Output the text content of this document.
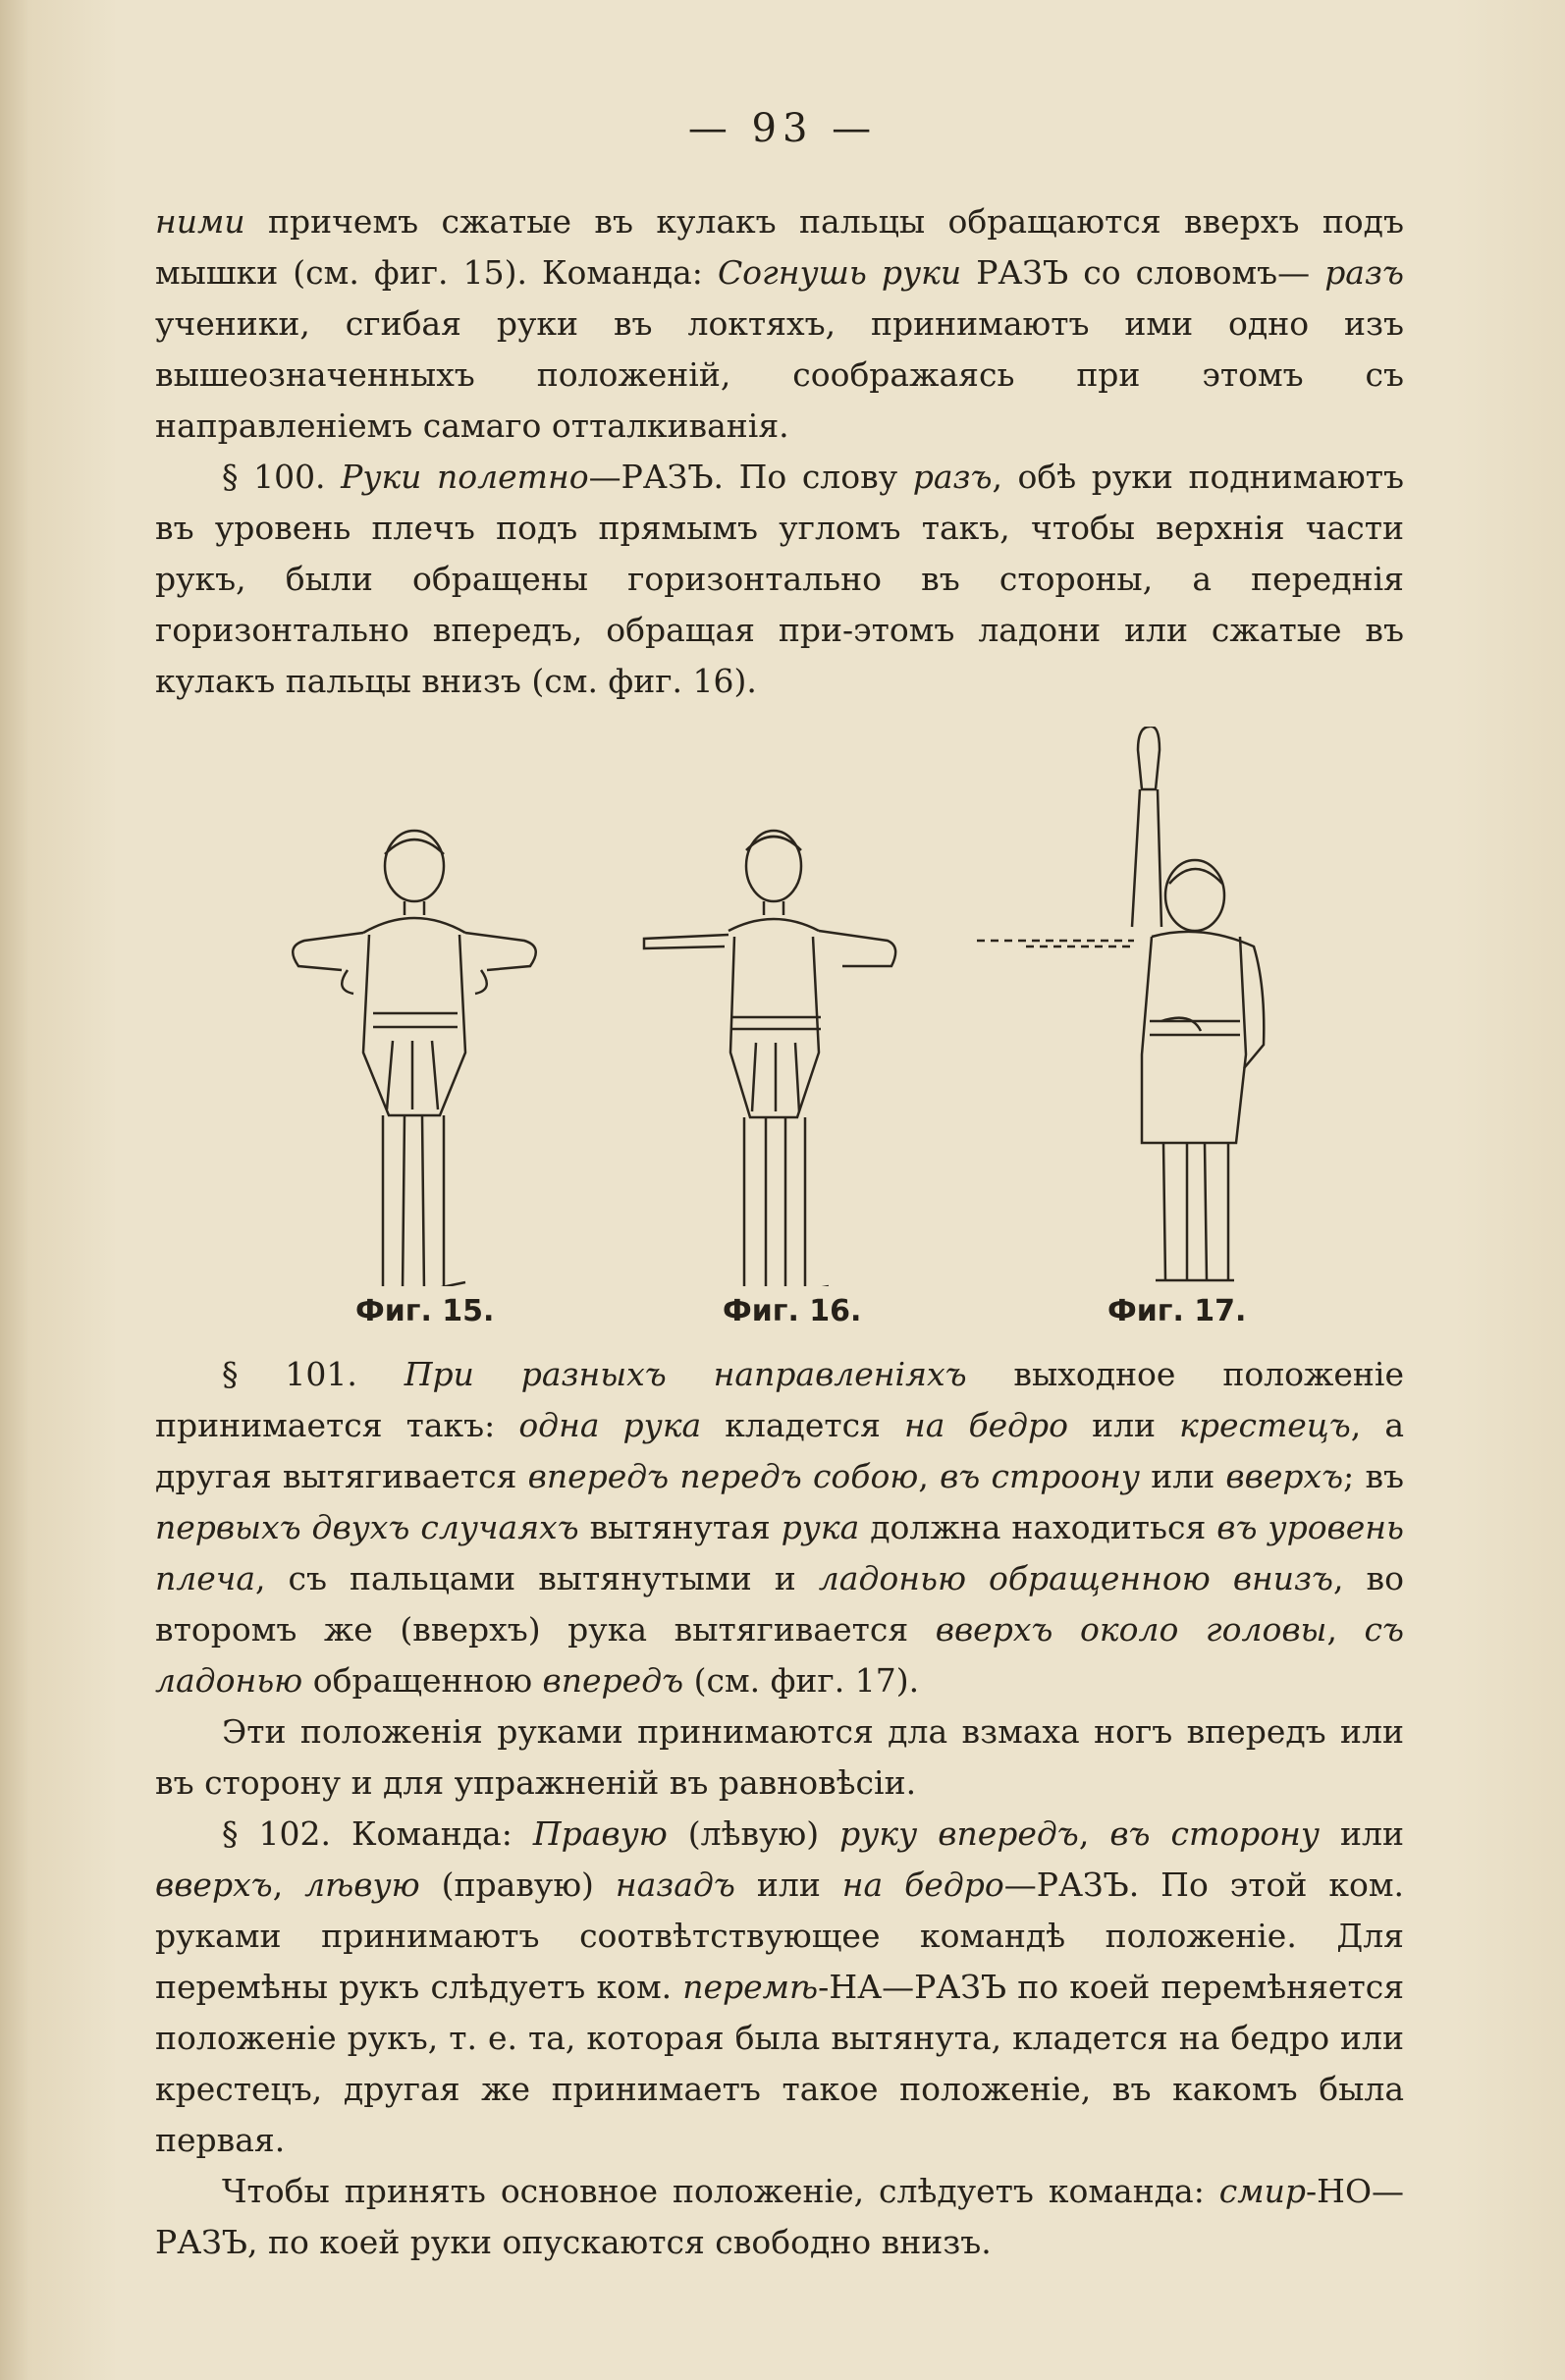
— 93 —

ними причемъ сжатые въ кулакъ пальцы обращаются вверхъ подъ мышки (см. фиг. 15). Команда: Согнушь руки РАЗЪ со словомъ— разъ ученики, сгибая руки въ локтяхъ, принимаютъ ими одно изъ вышеозначенныхъ положеній, соображаясь при этомъ съ направленіемъ самаго отталкиванія.

§ 100. Руки полетно—РАЗЪ. По слову разъ, обѣ руки поднимаютъ въ уровень плечъ подъ прямымъ угломъ такъ, чтобы верхнія части рукъ, были обращены горизонтально въ стороны, а переднія горизонтально впередъ, обращая при-этомъ ладони или сжатые въ кулакъ пальцы внизъ (см. фиг. 16).

Фиг. 15.	Фиг. 16.	Фиг. 17.

§ 101. При разныхъ направленіяхъ выходное положеніе принимается такъ: одна рука кладется на бедро или крестецъ, а другая вытягивается впередъ передъ собою, въ строону или вверхъ; въ первыхъ двухъ случаяхъ вытянутая рука должна находиться въ уровень плеча, съ пальцами вытянутыми и ладонью обращенною внизъ, во второмъ же (вверхъ) рука вытягивается вверхъ около головы, съ ладонью обращенною впередъ (см. фиг. 17).

Эти положенія руками принимаются дла взмаха ногъ впередъ или въ сторону и для упражненій въ равновѣсіи.

§ 102. Команда: Правую (лѣвую) руку впередъ, въ сторону или вверхъ, лѣвую (правую) назадъ или на бедро—РАЗЪ. По этой ком. руками принимаютъ соотвѣтствующее командѣ положеніе. Для перемѣны рукъ слѣдуетъ ком. перемѣ-НА—РАЗЪ по коей перемѣняется положеніе рукъ, т. е. та, которая была вытянута, кладется на бедро или крестецъ, другая же принимаетъ такое положеніе, въ какомъ была первая.

Чтобы принять основное положеніе, слѣдуетъ команда: смир-НО— РАЗЪ, по коей руки опускаются свободно внизъ.
